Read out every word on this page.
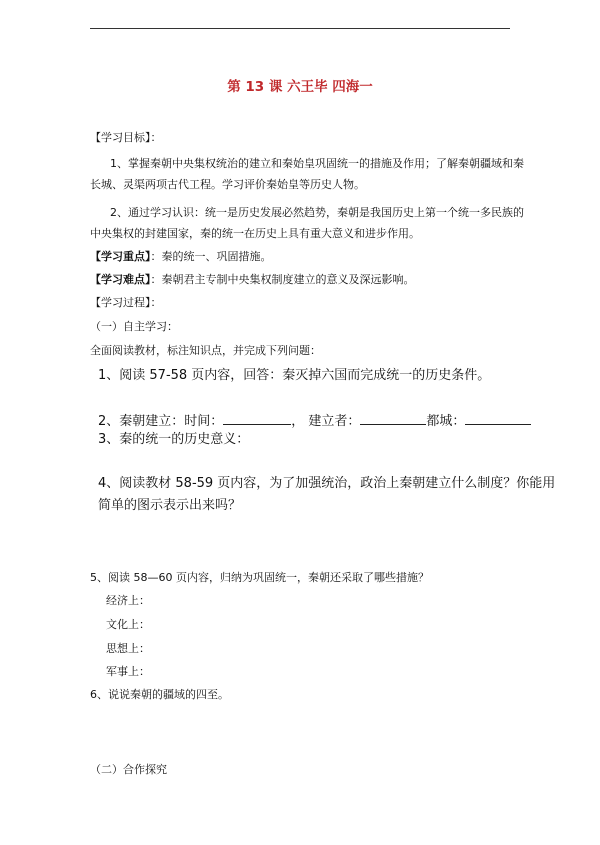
第 13 课 六王毕 四海一
【学习目标】：
1、掌握秦朝中央集权统治的建立和秦始皇巩固统一的措施及作用；了解秦朝疆域和秦
长城、灵渠两项古代工程。学习评价秦始皇等历史人物。
2、通过学习认识：统一是历史发展必然趋势，秦朝是我国历史上第一个统一多民族的
中央集权的封建国家，秦的统一在历史上具有重大意义和进步作用。
【学习重点】：秦的统一、巩固措施。
【学习难点】：秦朝君主专制中央集权制度建立的意义及深远影响。
【学习过程】：
（一）自主学习：
全面阅读教材，标注知识点，并完成下列问题：
1、阅读 57-58 页内容，回答：秦灭掉六国而完成统一的历史条件。
2、秦朝建立：时间：	， 建立者：	都城：
3、秦的统一的历史意义：
4、阅读教材 58-59 页内容，为了加强统治，政治上秦朝建立什么制度？你能用
简单的图示表示出来吗？
5、阅读 58—60 页内容，归纳为巩固统一，秦朝还采取了哪些措施？
经济上：
文化上：
思想上：
军事上：
6、说说秦朝的疆域的四至。
（二）合作探究
